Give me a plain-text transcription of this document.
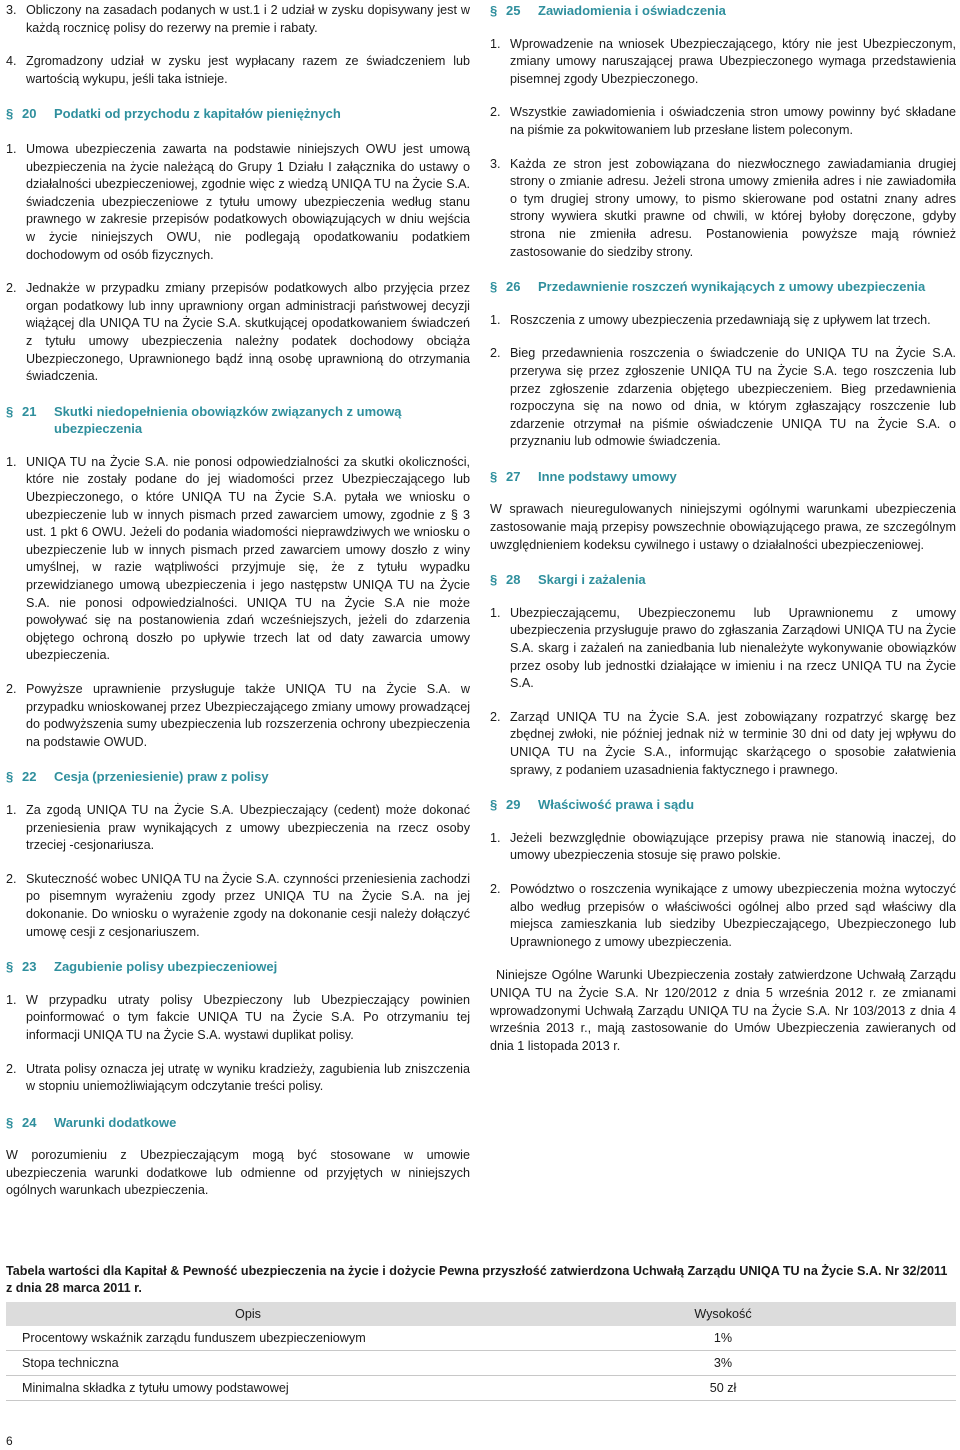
3. Obliczony na zasadach podanych w ust.1 i 2 udział w zysku dopisywany jest w każdą rocznicę polisy do rezerwy na premie i rabaty.

4. Zgromadzony udział w zysku jest wypłacany razem ze świadczeniem lub wartością wykupu, jeśli taka istnieje.

§ 20	Podatki od przychodu z kapitałów pieniężnych

1. Umowa ubezpieczenia zawarta na podstawie niniejszych OWU jest umową ubezpieczenia na życie należącą do Grupy 1 Działu I załącznika do ustawy o działalności ubezpieczeniowej, zgodnie więc z wiedzą UNIQA TU na Życie S.A. świadczenia ubezpieczeniowe z tytułu umowy ubezpieczenia według stanu prawnego w zakresie przepisów podatkowych obowiązujących w dniu wejścia w życie niniejszych OWU, nie podlegają opodatkowaniu podatkiem dochodowym od osób fizycznych.

2. Jednakże w przypadku zmiany przepisów podatkowych albo przyjęcia przez organ podatkowy lub inny uprawniony organ administracji państwowej decyzji wiążącej dla UNIQA TU na Życie S.A. skutkującej opodatkowaniem świadczeń z tytułu umowy ubezpieczenia należny podatek dochodowy obciąża Ubezpieczonego, Uprawnionego bądź inną osobę uprawnioną do otrzymania świadczenia.

§ 21	Skutki niedopełnienia obowiązków związanych z umową ubezpieczenia

1. UNIQA TU na Życie S.A. nie ponosi odpowiedzialności za skutki okoliczności, które nie zostały podane do jej wiadomości przez Ubezpieczającego lub Ubezpieczonego, o które UNIQA TU na Życie S.A. pytała we wniosku o ubezpieczenie lub w innych pismach przed zawarciem umowy, zgodnie z § 3 ust. 1 pkt 6 OWU. Jeżeli do podania wiadomości nieprawdziwych we wniosku o ubezpieczenie lub w innych pismach przed zawarciem umowy doszło z winy umyślnej, w razie wątpliwości przyjmuje się, że z tytułu wypadku przewidzianego umową ubezpieczenia i jego następstw UNIQA TU na Życie S.A. nie ponosi odpowiedzialności. UNIQA TU na Życie S.A nie może powoływać się na postanowienia zdań wcześniejszych, jeżeli do zdarzenia objętego ochroną doszło po upływie trzech lat od daty zawarcia umowy ubezpieczenia.

2. Powyższe uprawnienie przysługuje także UNIQA TU na Życie S.A. w przypadku wnioskowanej przez Ubezpieczającego zmiany umowy prowadzącej do podwyższenia sumy ubezpieczenia lub rozszerzenia ochrony ubezpieczenia na podstawie OWUD.

§ 22	Cesja (przeniesienie) praw z polisy

1. Za zgodą UNIQA TU na Życie S.A. Ubezpieczający (cedent) może dokonać przeniesienia praw wynikających z umowy ubezpieczenia na rzecz osoby trzeciej -cesjonariusza.

2. Skuteczność wobec UNIQA TU na Życie S.A. czynności przeniesienia zachodzi po pisemnym wyrażeniu zgody przez UNIQA TU na Życie S.A. na jej dokonanie. Do wniosku o wyrażenie zgody na dokonanie cesji należy dołączyć umowę cesji z cesjonariuszem.

§ 23	Zagubienie polisy ubezpieczeniowej

1. W przypadku utraty polisy Ubezpieczony lub Ubezpieczający powinien poinformować o tym fakcie UNIQA TU na Życie S.A. Po otrzymaniu tej informacji UNIQA TU na Życie S.A. wystawi duplikat polisy.

2. Utrata polisy oznacza jej utratę w wyniku kradzieży, zagubienia lub zniszczenia w stopniu uniemożliwiającym odczytanie treści polisy.

§ 24	Warunki dodatkowe

W porozumieniu z Ubezpieczającym mogą być stosowane w umowie ubezpieczenia warunki dodatkowe lub odmienne od przyjętych w niniejszych ogólnych warunkach ubezpieczenia.

§ 25	Zawiadomienia i oświadczenia

1. Wprowadzenie na wniosek Ubezpieczającego, który nie jest Ubezpieczonym, zmiany umowy naruszającej prawa Ubezpieczonego wymaga przedstawienia pisemnej zgody Ubezpieczonego.

2. Wszystkie zawiadomienia i oświadczenia stron umowy powinny być składane na piśmie za pokwitowaniem lub przesłane listem poleconym.

3. Każda ze stron jest zobowiązana do niezwłocznego zawiadamiania drugiej strony o zmianie adresu. Jeżeli strona umowy zmieniła adres i nie zawiadomiła o tym drugiej strony umowy, to pismo skierowane pod ostatni znany adres strony wywiera skutki prawne od chwili, w której byłoby doręczone, gdyby strona nie zmieniła adresu. Postanowienia powyższe mają również zastosowanie do siedziby strony.

§ 26	Przedawnienie roszczeń wynikających z umowy ubezpieczenia

1. Roszczenia z umowy ubezpieczenia przedawniają się z upływem lat trzech.

2. Bieg przedawnienia roszczenia o świadczenie do UNIQA TU na Życie S.A. przerywa się przez zgłoszenie UNIQA TU na Życie S.A. tego roszczenia lub przez zgłoszenie zdarzenia objętego ubezpieczeniem. Bieg przedawnienia rozpoczyna się na nowo od dnia, w którym zgłaszający roszczenie lub zdarzenie otrzymał na piśmie oświadczenie UNIQA TU na Życie S.A. o przyznaniu lub odmowie świadczenia.

§ 27	Inne podstawy umowy

W sprawach nieuregulowanych niniejszymi ogólnymi warunkami ubezpieczenia zastosowanie mają przepisy powszechnie obowiązującego prawa, ze szczególnym uwzględnieniem kodeksu cywilnego i ustawy o działalności ubezpieczeniowej.

§ 28	Skargi i zażalenia

1. Ubezpieczającemu, Ubezpieczonemu lub Uprawnionemu z umowy ubezpieczenia przysługuje prawo do zgłaszania Zarządowi UNIQA TU na Życie S.A. skarg i zażaleń na zaniedbania lub nienależyte wykonywanie obowiązków przez osoby lub jednostki działające w imieniu i na rzecz UNIQA TU na Życie S.A.

2. Zarząd UNIQA TU na Życie S.A. jest zobowiązany rozpatrzyć skargę bez zbędnej zwłoki, nie później jednak niż w terminie 30 dni od daty jej wpływu do UNIQA TU na Życie S.A., informując skarżącego o sposobie załatwienia sprawy, z podaniem uzasadnienia faktycznego i prawnego.

§ 29	Właściwość prawa i sądu

1. Jeżeli bezwzględnie obowiązujące przepisy prawa nie stanowią inaczej, do umowy ubezpieczenia stosuje się prawo polskie.

2. Powództwo o roszczenia wynikające z umowy ubezpieczenia można wytoczyć albo według przepisów o właściwości ogólnej albo przed sąd właściwy dla miejsca zamieszkania lub siedziby Ubezpieczającego, Ubezpieczonego lub Uprawnionego z umowy ubezpieczenia.

Niniejsze Ogólne Warunki Ubezpieczenia zostały zatwierdzone Uchwałą Zarządu UNIQA TU na Życie S.A. Nr 120/2012 z dnia 5 września 2012 r. ze zmianami wprowadzonymi Uchwałą Zarządu UNIQA TU na Życie S.A. Nr 103/2013 z dnia 4 września 2013 r., mają zastosowanie do Umów Ubezpieczenia zawieranych od dnia 1 listopada 2013 r.

Tabela wartości dla Kapitał & Pewność ubezpieczenia na życie i dożycie Pewna przyszłość zatwierdzona Uchwałą Zarządu UNIQA TU na Życie S.A. Nr 32/2011 z dnia 28 marca 2011 r.

Opis	Wysokość
Procentowy wskaźnik zarządu funduszem ubezpieczeniowym	1%
Stopa techniczna	3%
Minimalna składka z tytułu umowy podstawowej	50 zł
6
